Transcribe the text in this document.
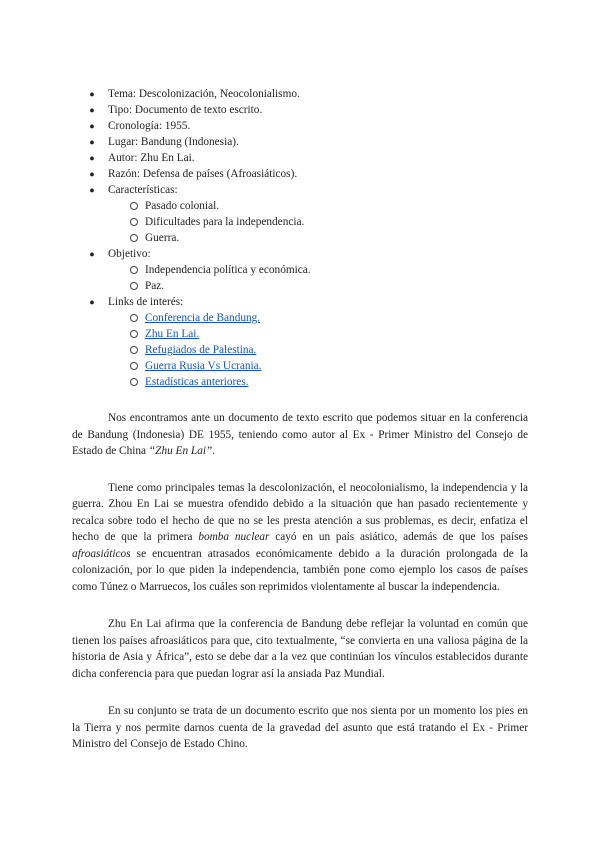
● Tema: Descolonización, Neocolonialismo.
● Tipo: Documento de texto escrito.
● Cronología: 1955.
● Lugar: Bandung (Indonesia).
● Autor: Zhu En Lai.
● Razón: Defensa de países (Afroasiáticos).
● Características:
Pasado colonial.
Dificultades para la independencia.
Guerra.
● Objetivo:
Independencia política y económica.
Paz.
● Links de interés:
Conferencia de Bandung.
Zhu En Lai.
Refugiados de Palestina.
Guerra Rusia Vs Ucrania.
Estadísticas anteriores.

Nos encontramos ante un documento de texto escrito que podemos situar en la conferencia de Bandung (Indonesia) DE 1955, teniendo como autor al Ex - Primer Ministro del Consejo de Estado de China “Zhu En Lai”.

Tiene como principales temas la descolonización, el neocolonialismo, la independencia y la guerra. Zhou En Lai se muestra ofendido debido a la situación que han pasado recientemente y recalca sobre todo el hecho de que no se les presta atención a sus problemas, es decir, enfatiza el hecho de que la primera bomba nuclear cayó en un país asiático, además de que los países afroasiáticos se encuentran atrasados económicamente debido a la duración prolongada de la colonización, por lo que piden la independencia, también pone como ejemplo los casos de países como Túnez o Marruecos, los cuáles son reprimidos violentamente al buscar la independencia.

Zhu En Lai afirma que la conferencia de Bandung debe reflejar la voluntad en común que tienen los países afroasiáticos para que, cito textualmente, “se convierta en una valiosa página de la historia de Asia y África”, esto se debe dar a la vez que continúan los vínculos establecidos durante dicha conferencia para que puedan lograr así la ansiada Paz Mundial.

En su conjunto se trata de un documento escrito que nos sienta por un momento los pies en la Tierra y nos permite darnos cuenta de la gravedad del asunto que está tratando el Ex - Primer Ministro del Consejo de Estado Chino.
